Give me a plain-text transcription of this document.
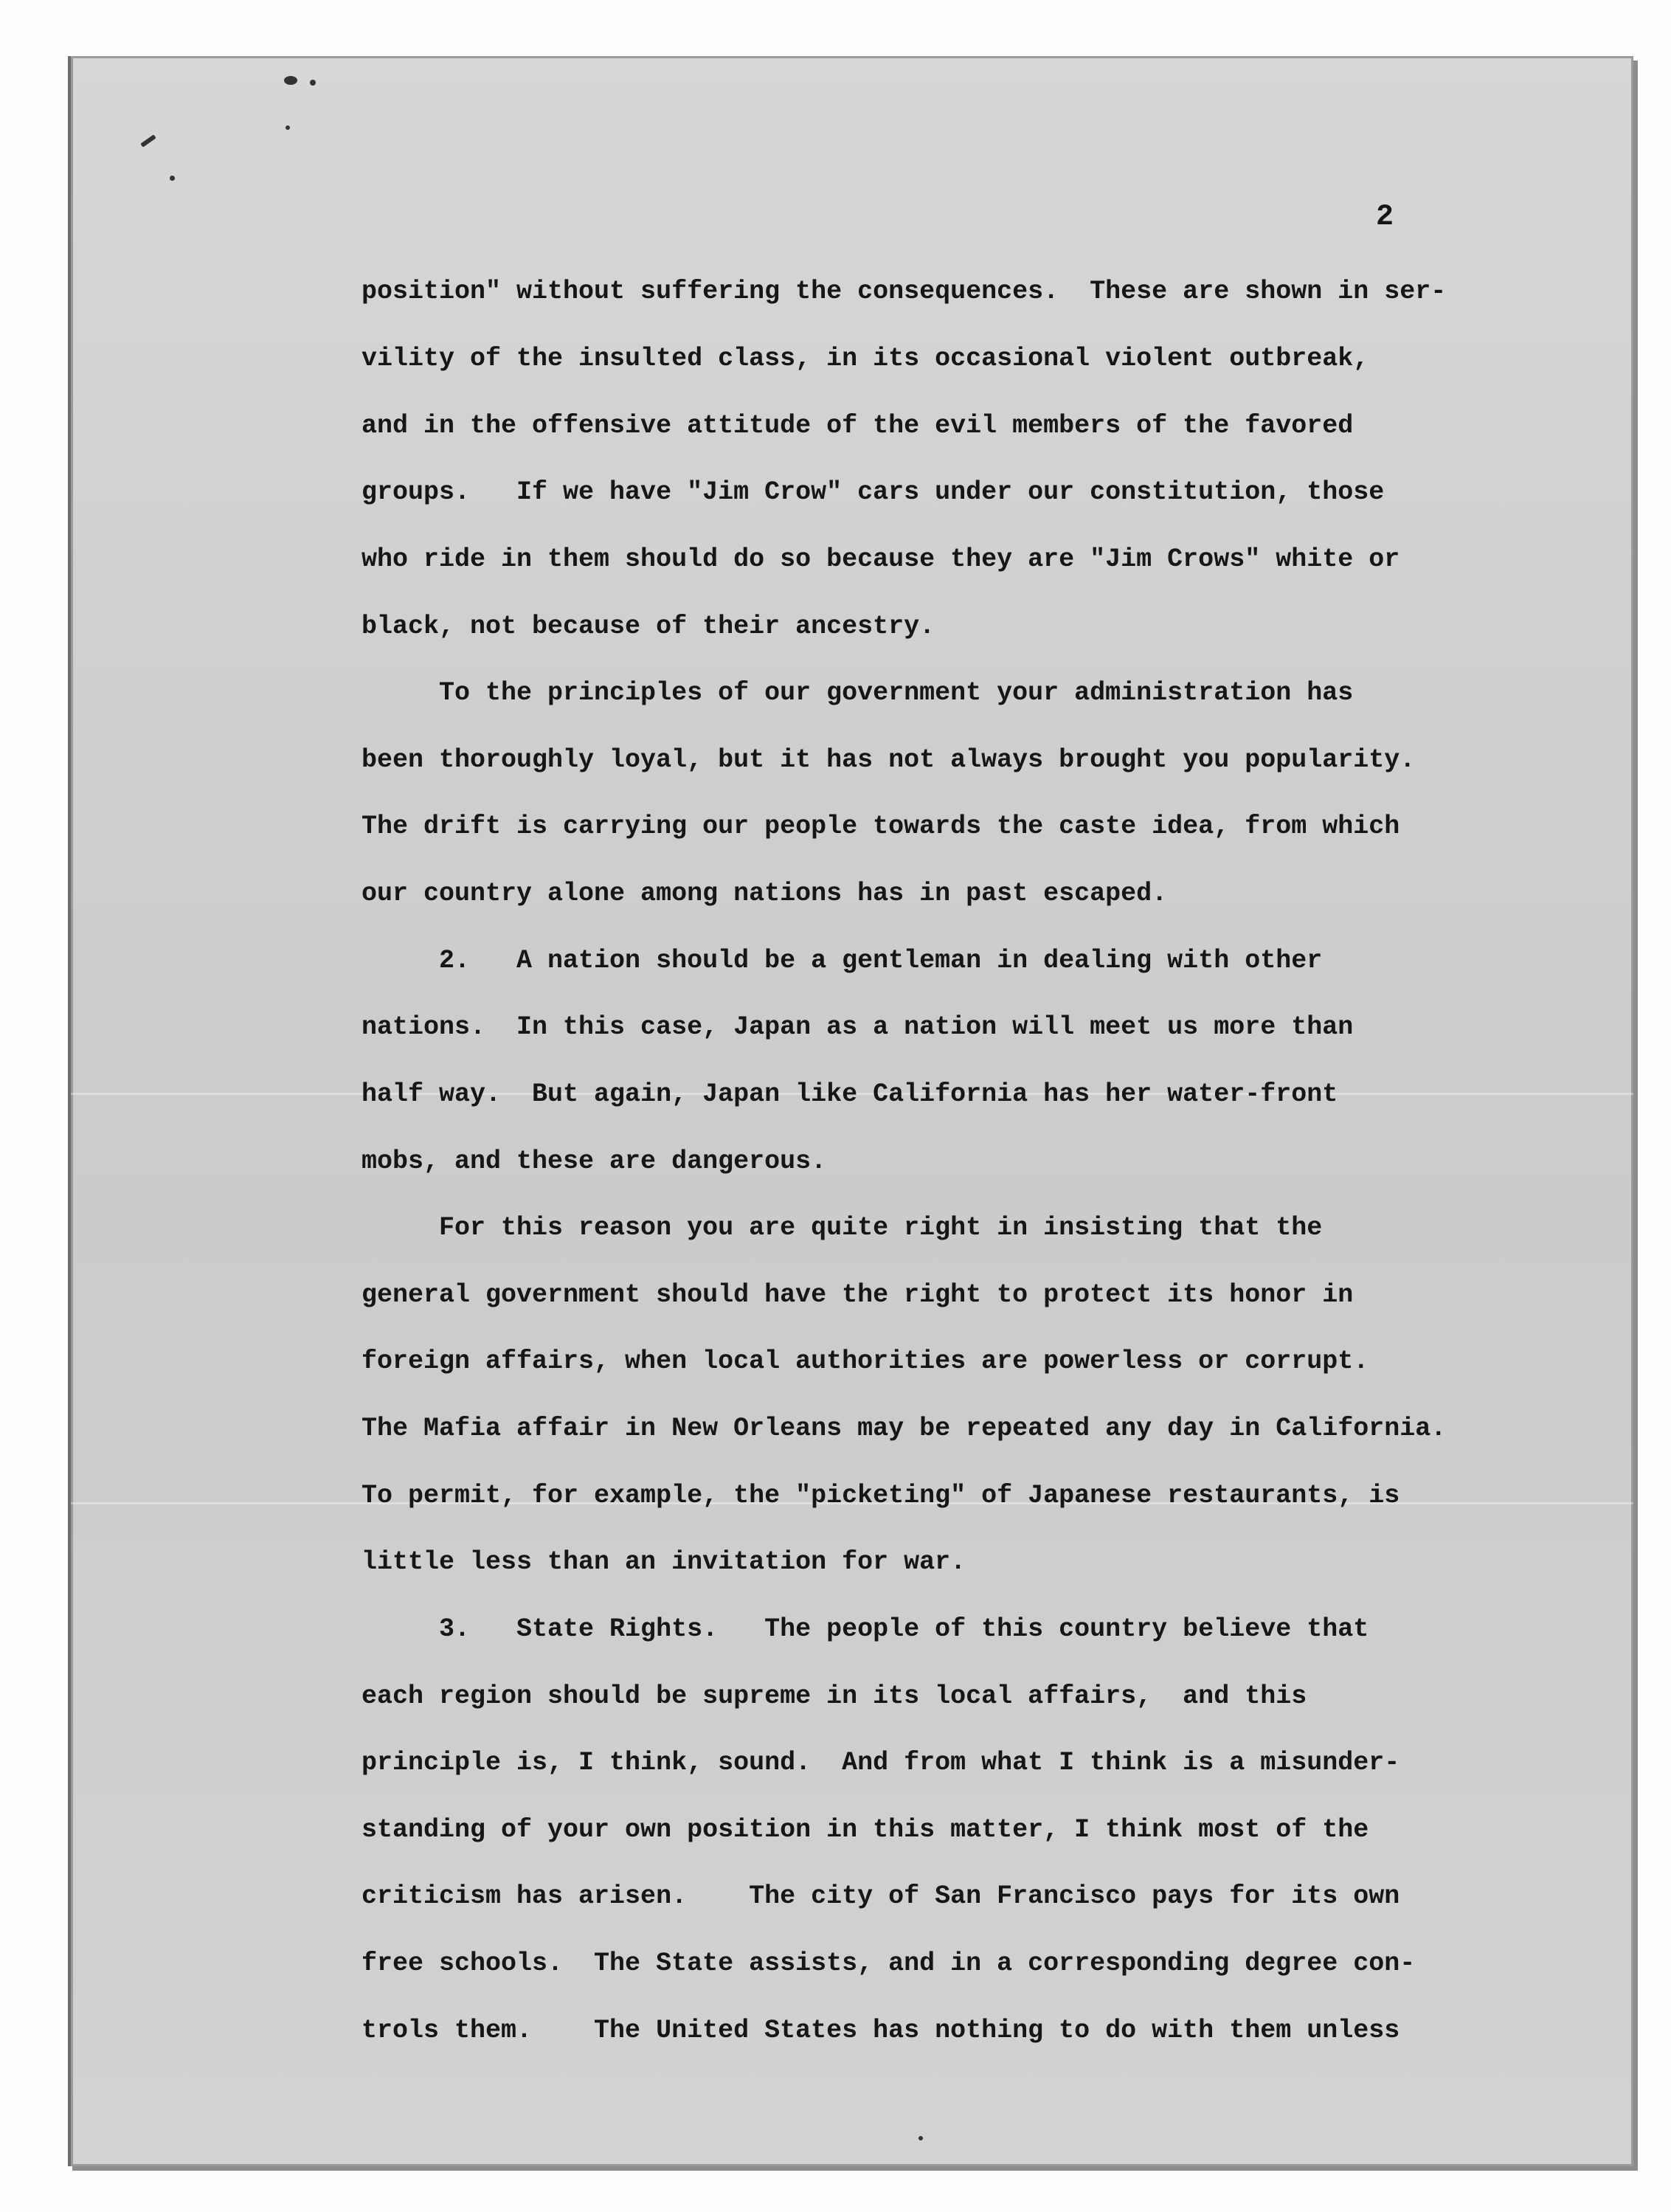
2

position" without suffering the consequences.  These are shown in ser-

vility of the insulted class, in its occasional violent outbreak,

and in the offensive attitude of the evil members of the favored

groups.   If we have "Jim Crow" cars under our constitution, those

who ride in them should do so because they are "Jim Crows" white or

black, not because of their ancestry.

To the principles of our government your administration has

been thoroughly loyal, but it has not always brought you popularity.

The drift is carrying our people towards the caste idea, from which

our country alone among nations has in past escaped.

2.   A nation should be a gentleman in dealing with other

nations.  In this case, Japan as a nation will meet us more than

half way.  But again, Japan like California has her water-front

mobs, and these are dangerous.

For this reason you are quite right in insisting that the

general government should have the right to protect its honor in

foreign affairs, when local authorities are powerless or corrupt.

The Mafia affair in New Orleans may be repeated any day in California.

To permit, for example, the "picketing" of Japanese restaurants, is

little less than an invitation for war.

3.   State Rights.   The people of this country believe that

each region should be supreme in its local affairs,  and this

principle is, I think, sound.  And from what I think is a misunder-

standing of your own position in this matter, I think most of the

criticism has arisen.    The city of San Francisco pays for its own

free schools.  The State assists, and in a corresponding degree con-

trols them.    The United States has nothing to do with them unless
